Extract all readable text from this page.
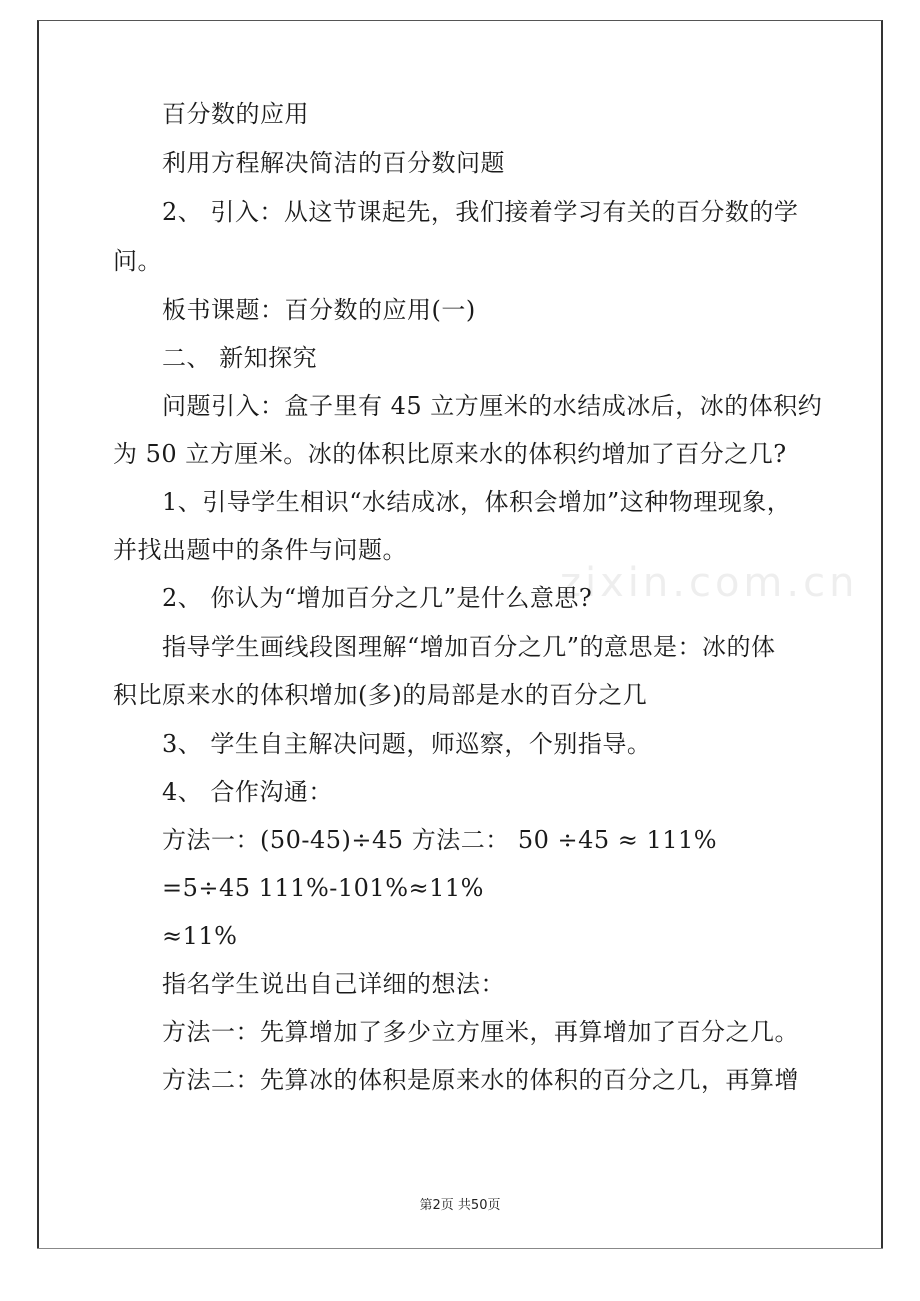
zixin.com.cn
百分数的应用
利用方程解决简洁的百分数问题
2、 引入：从这节课起先，我们接着学习有关的百分数的学
问。
板书课题：百分数的应用(一)
二、 新知探究
问题引入：盒子里有 45 立方厘米的水结成冰后，冰的体积约
为 50 立方厘米。冰的体积比原来水的体积约增加了百分之几?
1、引导学生相识“水结成冰，体积会增加”这种物理现象，
并找出题中的条件与问题。
2、 你认为“增加百分之几”是什么意思?
指导学生画线段图理解“增加百分之几”的意思是：冰的体
积比原来水的体积增加(多)的局部是水的百分之几
3、 学生自主解决问题，师巡察，个别指导。
4、 合作沟通：
方法一：(50-45)÷45 方法二： 50 ÷45 ≈ 111%
=5÷45 111%-101%≈11%
≈11%
指名学生说出自己详细的想法：
方法一：先算增加了多少立方厘米，再算增加了百分之几。
方法二：先算冰的体积是原来水的体积的百分之几，再算增
第2页 共50页
